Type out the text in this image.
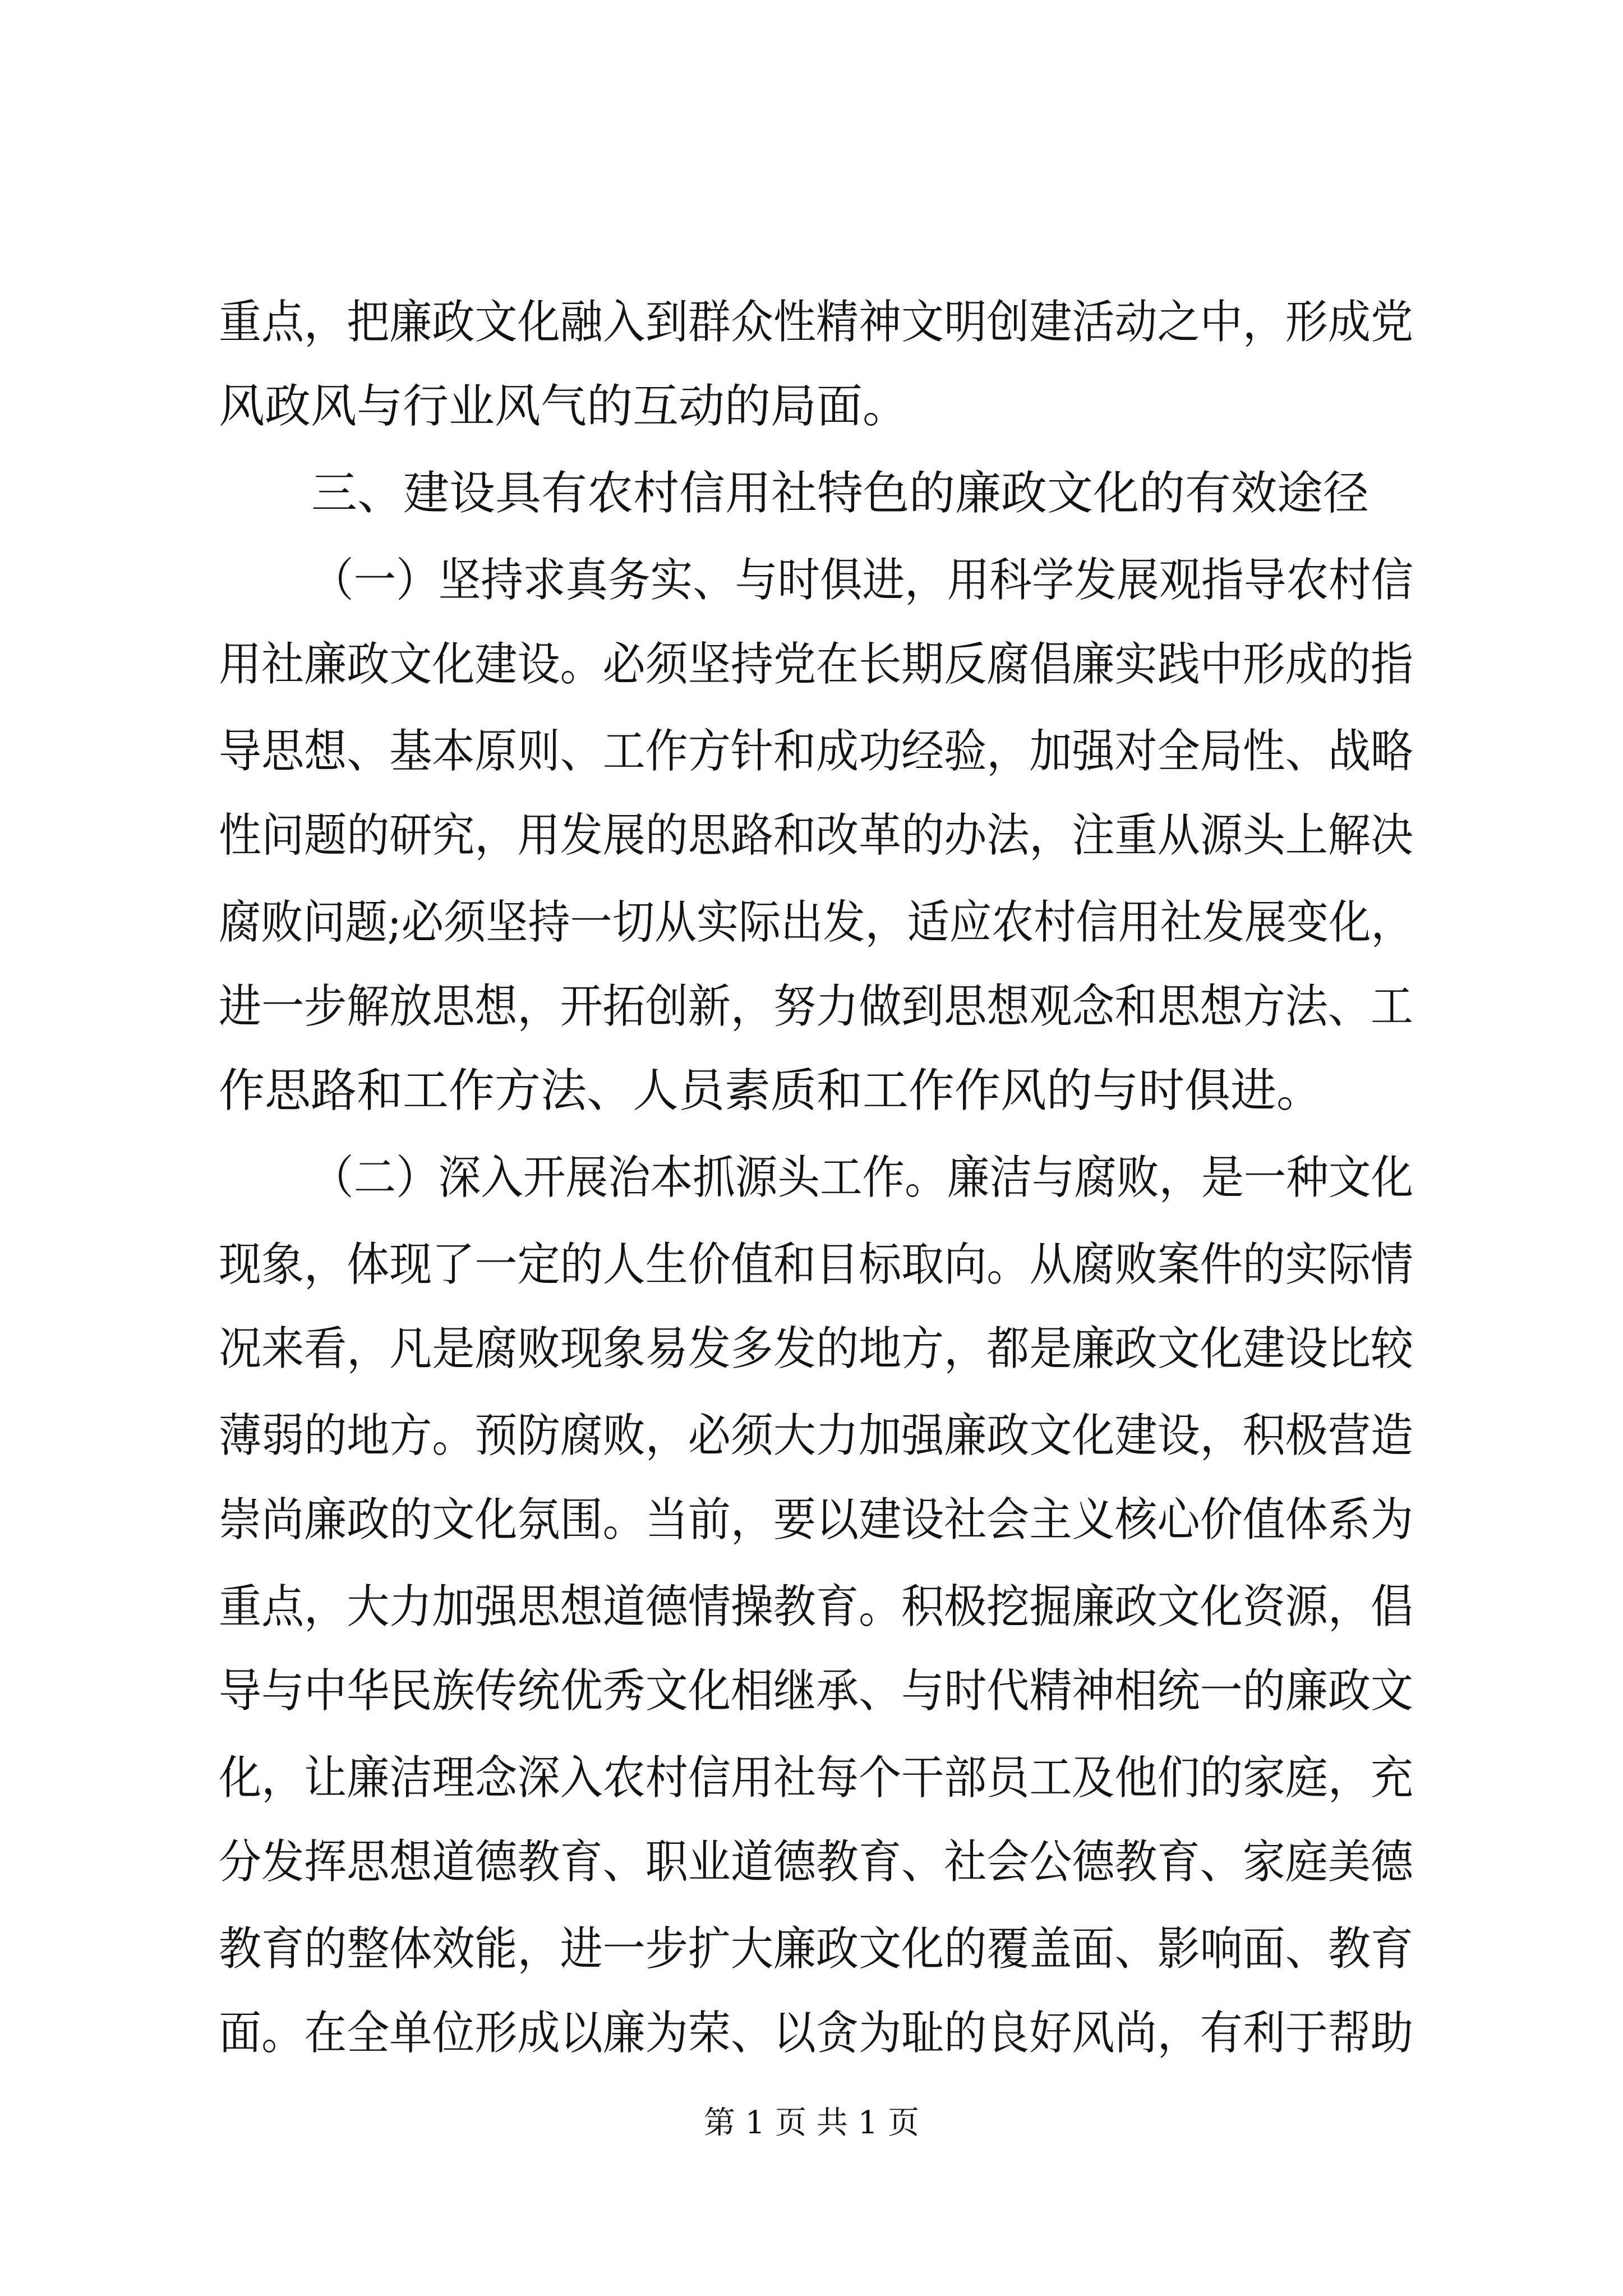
重点，把廉政文化融入到群众性精神文明创建活动之中，形成党
风政风与行业风气的互动的局面。
三、建设具有农村信用社特色的廉政文化的有效途径
（一）坚持求真务实、与时俱进，用科学发展观指导农村信
用社廉政文化建设。必须坚持党在长期反腐倡廉实践中形成的指
导思想、基本原则、工作方针和成功经验，加强对全局性、战略
性问题的研究，用发展的思路和改革的办法，注重从源头上解决
腐败问题;必须坚持一切从实际出发，适应农村信用社发展变化，
进一步解放思想，开拓创新，努力做到思想观念和思想方法、工
作思路和工作方法、人员素质和工作作风的与时俱进。
（二）深入开展治本抓源头工作。廉洁与腐败，是一种文化
现象，体现了一定的人生价值和目标取向。从腐败案件的实际情
况来看，凡是腐败现象易发多发的地方，都是廉政文化建设比较
薄弱的地方。预防腐败，必须大力加强廉政文化建设，积极营造
崇尚廉政的文化氛围。当前，要以建设社会主义核心价值体系为
重点，大力加强思想道德情操教育。积极挖掘廉政文化资源，倡
导与中华民族传统优秀文化相继承、与时代精神相统一的廉政文
化，让廉洁理念深入农村信用社每个干部员工及他们的家庭，充
分发挥思想道德教育、职业道德教育、社会公德教育、家庭美德
教育的整体效能，进一步扩大廉政文化的覆盖面、影响面、教育
面。在全单位形成以廉为荣、以贪为耻的良好风尚，有利于帮助
第 1 页 共 1 页
